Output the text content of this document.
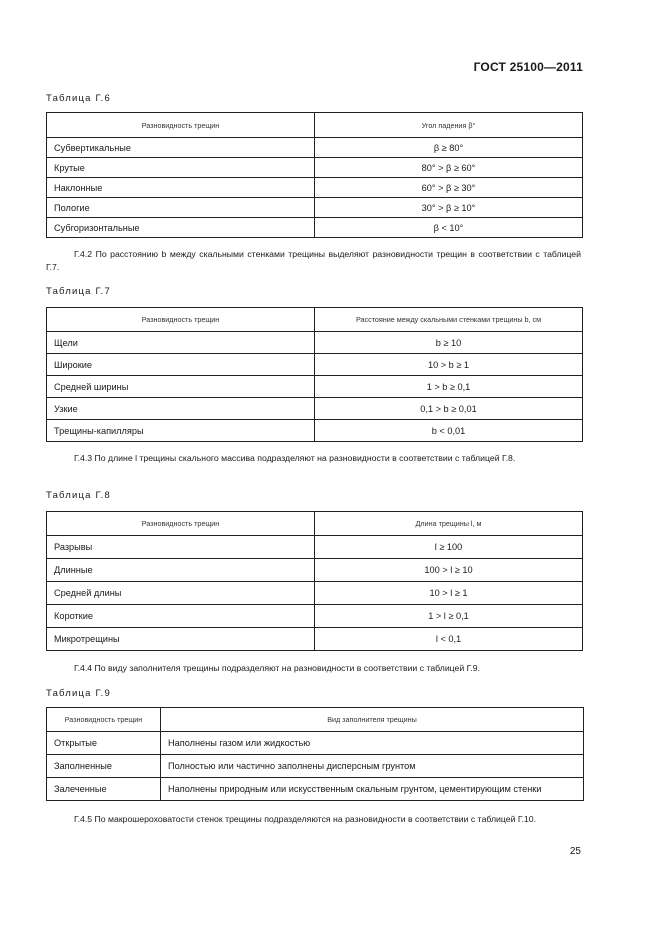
ГОСТ 25100—2011
Таблица Г.6
Разновидность трещин	Угол падения β°
Субвертикальные	β ≥ 80°
Крутые	80° > β ≥ 60°
Наклонные	60° > β ≥ 30°
Пологие	30° > β ≥ 10°
Субгоризонтальные	β < 10°
Г.4.2 По расстоянию b между скальными стенками трещины выделяют разновидности трещин в соответствии с таблицей Г.7.
Таблица Г.7
Разновидность трещин	Расстояние между скальными стенками трещины b, см
Щели	b ≥ 10
Широкие	10 > b ≥ 1
Средней ширины	1 > b ≥ 0,1
Узкие	0,1 > b ≥ 0,01
Трещины-капилляры	b < 0,01
Г.4.3 По длине l трещины скального массива подразделяют на разновидности в соответствии с таблицей Г.8.
Таблица Г.8
Разновидность трещин	Длина трещины l, м
Разрывы	l ≥ 100
Длинные	100 > l ≥ 10
Средней длины	10 > l ≥ 1
Короткие	1 > l ≥ 0,1
Микротрещины	l < 0,1
Г.4.4 По виду заполнителя трещины подразделяют на разновидности в соответствии с таблицей Г.9.
Таблица Г.9
Разновидность трещин	Вид заполнителя трещины
Открытые	Наполнены газом или жидкостью
Заполненные	Полностью или частично заполнены дисперсным грунтом
Залеченные	Наполнены природным или искусственным скальным грунтом, цементирующим стенки
Г.4.5 По макрошероховатости стенок трещины подразделяются на разновидности в соответствии с таблицей Г.10.
25
